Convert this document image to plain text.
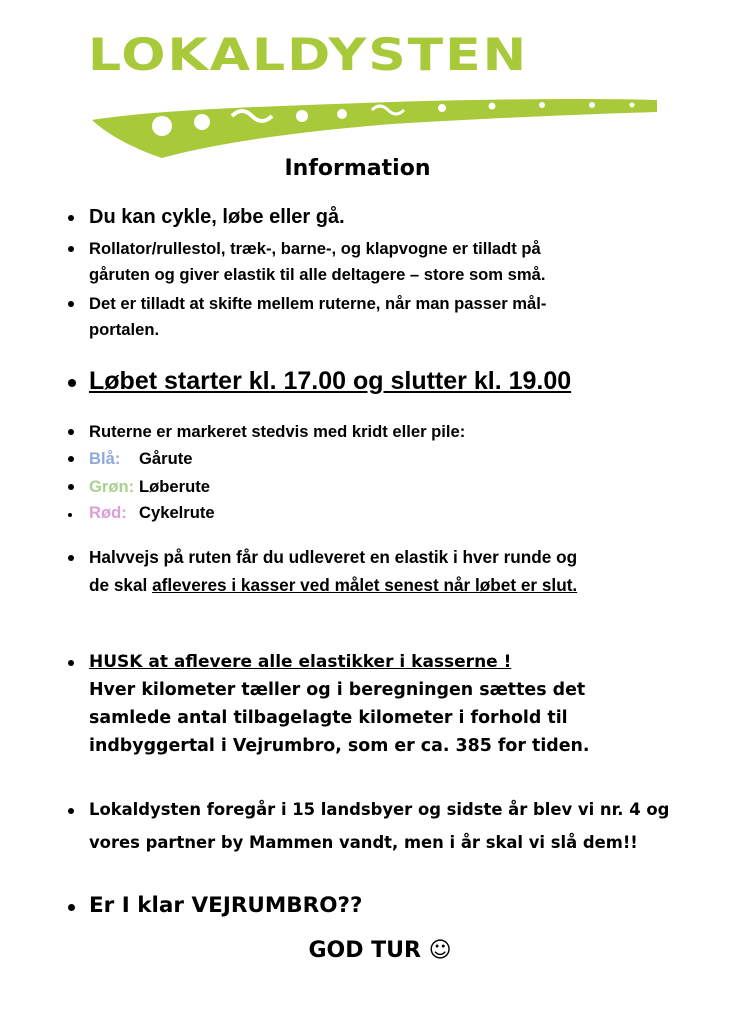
LOKALDYSTEN
Information
Du kan cykle, løbe eller gå.
Rollator/rullestol, træk-, barne-, og klapvogne er tilladt på
gåruten og giver elastik til alle deltagere – store som små.
Det er tilladt at skifte mellem ruterne, når man passer mål-
portalen.
Løbet starter kl. 17.00 og slutter kl. 19.00
Ruterne er markeret stedvis med kridt eller pile:
Blå: Gårute
Grøn: Løberute
Rød: Cykelrute
Halvvejs på ruten får du udleveret en elastik i hver runde og
de skal afleveres i kasser ved målet senest når løbet er slut.
HUSK at aflevere alle elastikker i kasserne !
Hver kilometer tæller og i beregningen sættes det
samlede antal tilbagelagte kilometer i forhold til
indbyggertal i Vejrumbro, som er ca. 385 for tiden.
Lokaldysten foregår i 15 landsbyer og sidste år blev vi nr. 4 og
vores partner by Mammen vandt, men i år skal vi slå dem!!
Er I klar VEJRUMBRO??
GOD TUR ☺
